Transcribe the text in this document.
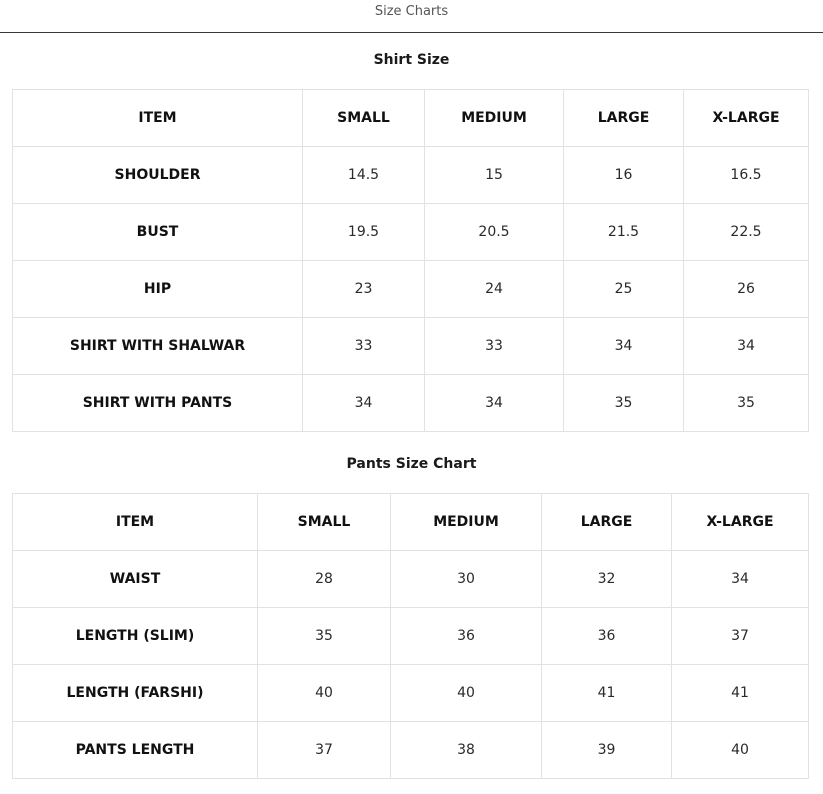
Size Charts
Shirt Size
ITEM	SMALL	MEDIUM	LARGE	X-LARGE
SHOULDER	14.5	15	16	16.5
BUST	19.5	20.5	21.5	22.5
HIP	23	24	25	26
SHIRT WITH SHALWAR	33	33	34	34
SHIRT WITH PANTS	34	34	35	35
Pants Size Chart
ITEM	SMALL	MEDIUM	LARGE	X-LARGE
WAIST	28	30	32	34
LENGTH (SLIM)	35	36	36	37
LENGTH (FARSHI)	40	40	41	41
PANTS LENGTH	37	38	39	40
